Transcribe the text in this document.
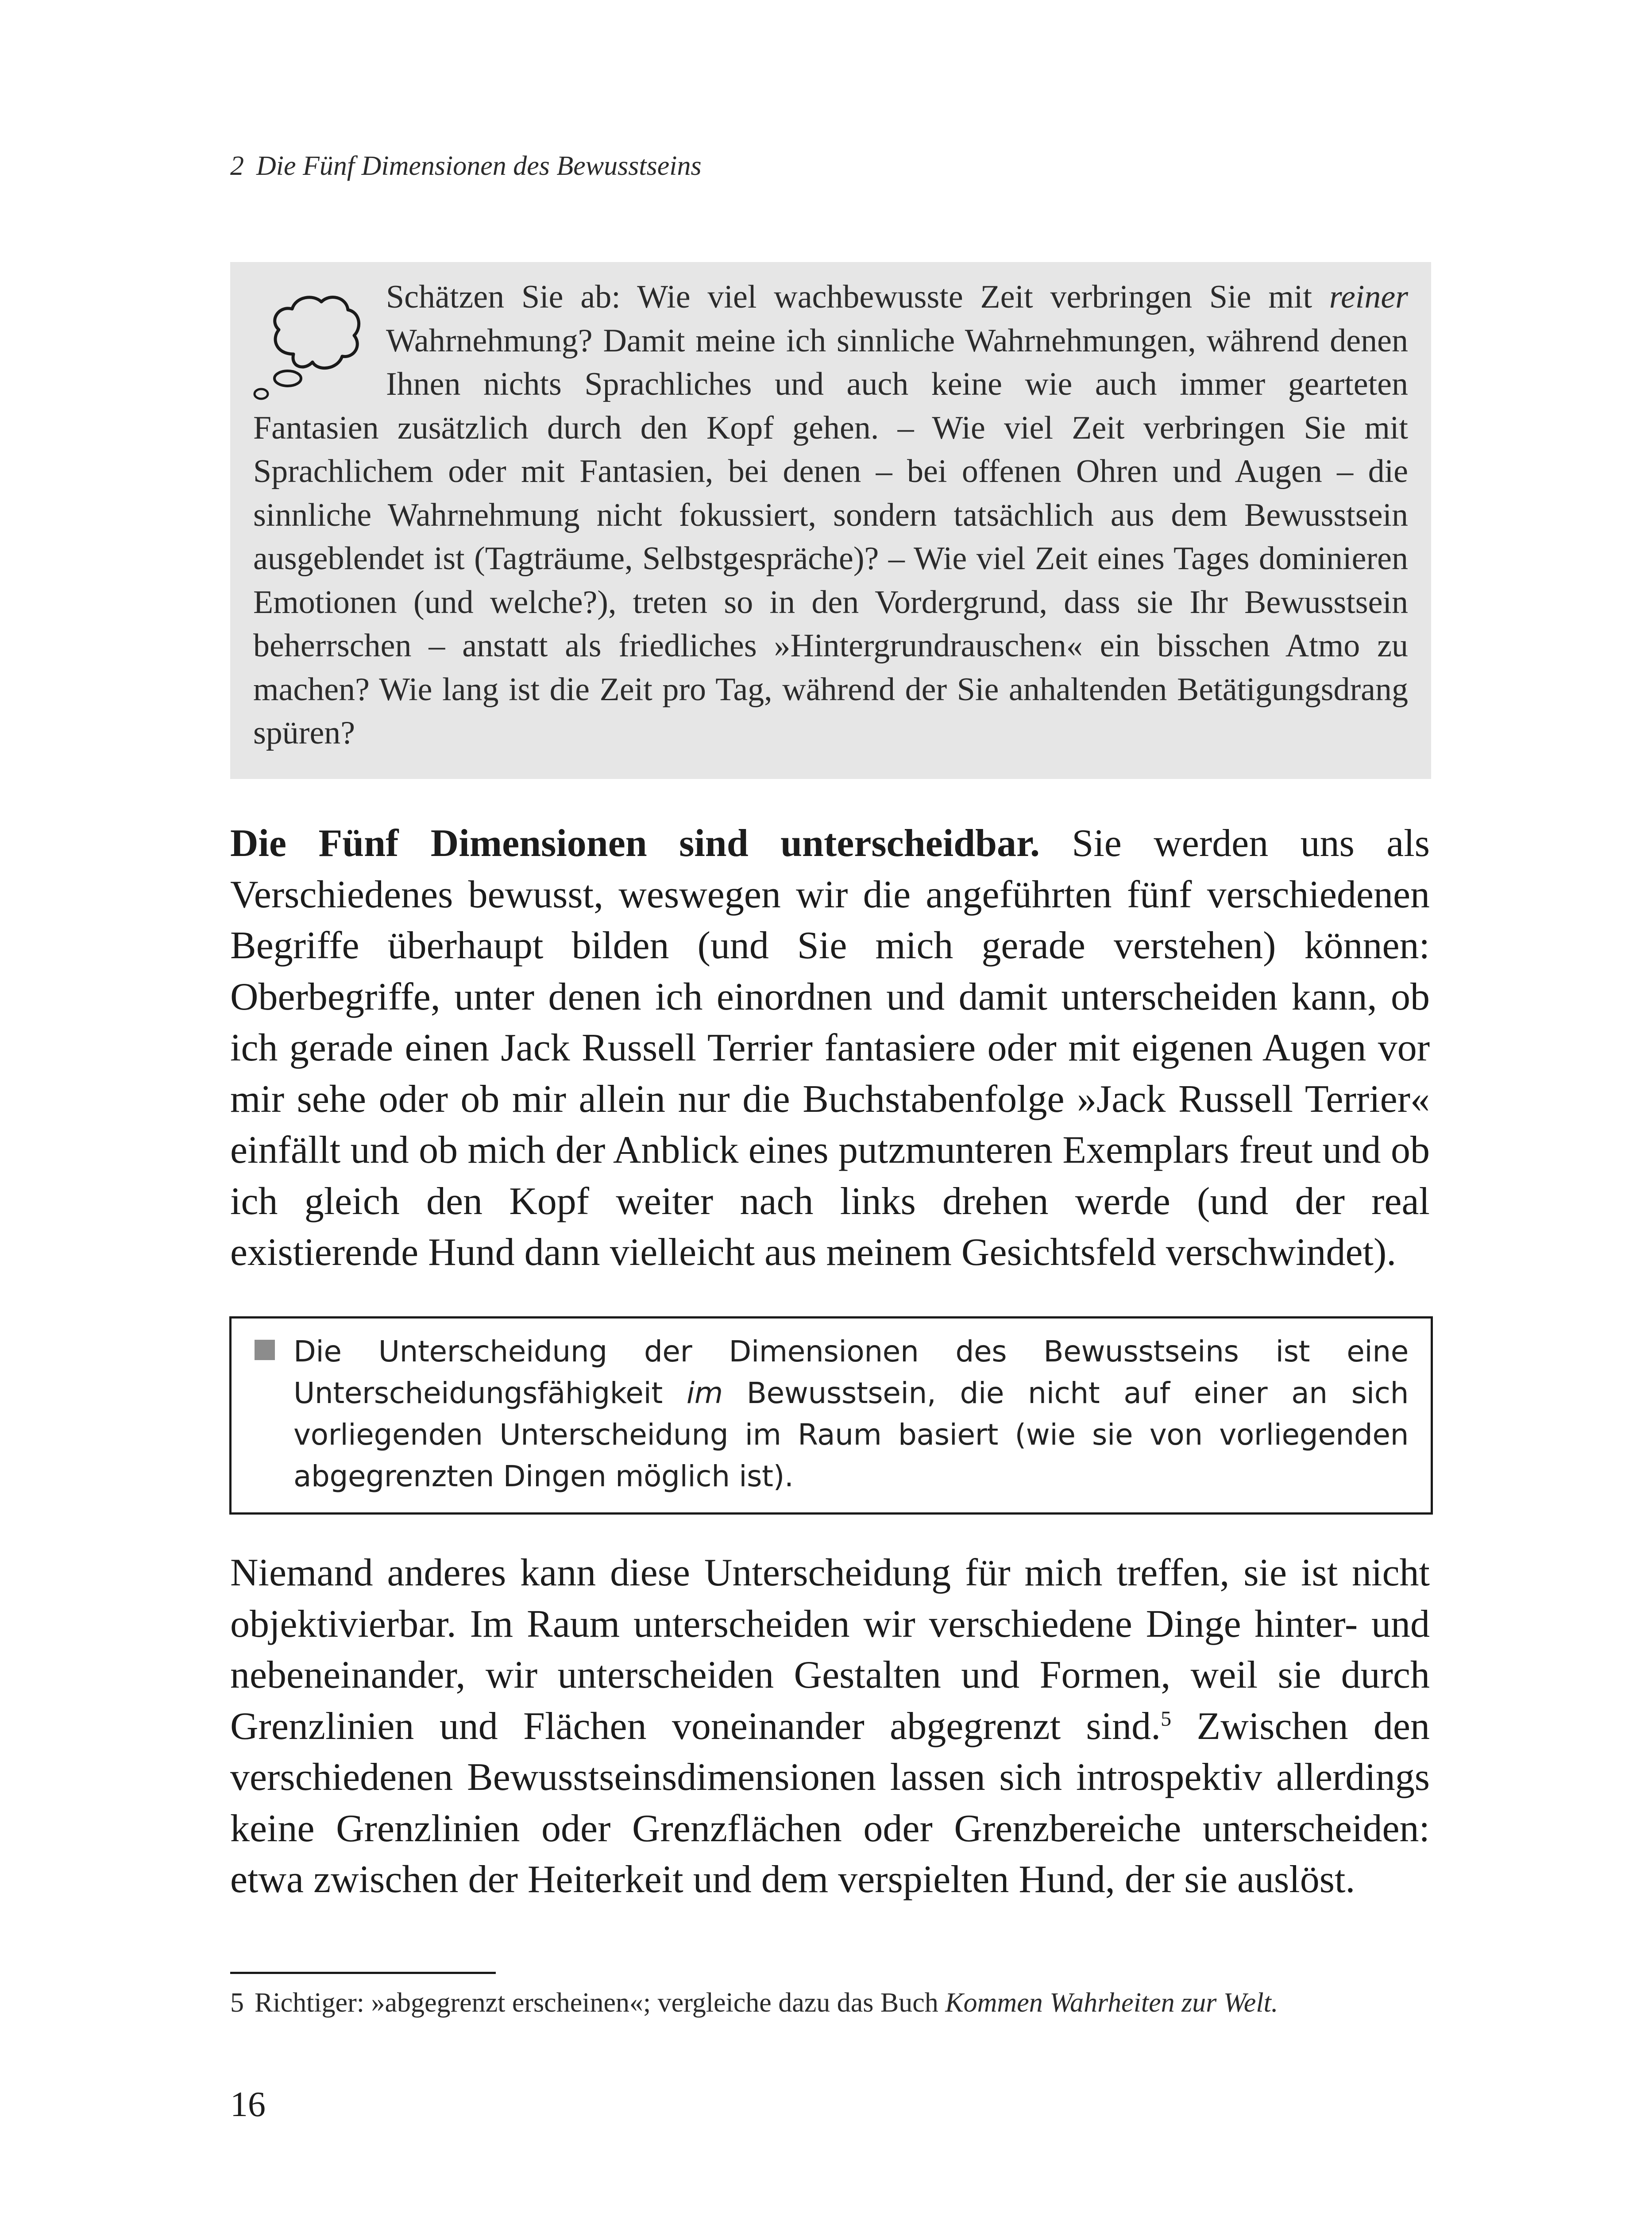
2 Die Fünf Dimensionen des Bewusstseins

Schätzen Sie ab: Wie viel wachbewusste Zeit verbringen Sie mit reiner Wahrnehmung? Damit meine ich sinnliche Wahrnehmungen, während denen Ihnen nichts Sprachliches und auch keine wie auch immer gearteten Fantasien zusätzlich durch den Kopf gehen. – Wie viel Zeit verbringen Sie mit Sprachlichem oder mit Fantasien, bei denen – bei offenen Ohren und Augen – die sinnliche Wahrnehmung nicht fokussiert, sondern tatsächlich aus dem Bewusstsein ausgeblendet ist (Tagträume, Selbstgespräche)? – Wie viel Zeit eines Tages dominieren Emotionen (und welche?), treten so in den Vordergrund, dass sie Ihr Bewusstsein beherrschen – anstatt als friedliches »Hintergrundrauschen« ein bisschen Atmo zu machen? Wie lang ist die Zeit pro Tag, während der Sie anhaltenden Betätigungsdrang spüren?

Die Fünf Dimensionen sind unterscheidbar. Sie werden uns als Verschiedenes bewusst, weswegen wir die angeführten fünf verschiedenen Begriffe überhaupt bilden (und Sie mich gerade verstehen) können: Oberbegriffe, unter denen ich einordnen und damit unterscheiden kann, ob ich gerade einen Jack Russell Terrier fantasiere oder mit eigenen Augen vor mir sehe oder ob mir allein nur die Buchstabenfolge »Jack Russell Terrier« einfällt und ob mich der Anblick eines putzmunteren Exemplars freut und ob ich gleich den Kopf weiter nach links drehen werde (und der real existierende Hund dann vielleicht aus meinem Gesichtsfeld verschwindet).

Die Unterscheidung der Dimensionen des Bewusstseins ist eine Unterscheidungsfähigkeit im Bewusstsein, die nicht auf einer an sich vorliegenden Unterscheidung im Raum basiert (wie sie von vorliegenden abgegrenzten Dingen möglich ist).

Niemand anderes kann diese Unterscheidung für mich treffen, sie ist nicht objektivierbar. Im Raum unterscheiden wir verschiedene Dinge hinter- und nebeneinander, wir unterscheiden Gestalten und Formen, weil sie durch Grenzlinien und Flächen voneinander abgegrenzt sind.$^5$ Zwischen den verschiedenen Bewusstseinsdimensionen lassen sich introspektiv allerdings keine Grenzlinien oder Grenzflächen oder Grenzbereiche unterscheiden: etwa zwischen der Heiterkeit und dem verspielten Hund, der sie auslöst.

5 Richtiger: »abgegrenzt erscheinen«; vergleiche dazu das Buch Kommen Wahrheiten zur Welt.
16
